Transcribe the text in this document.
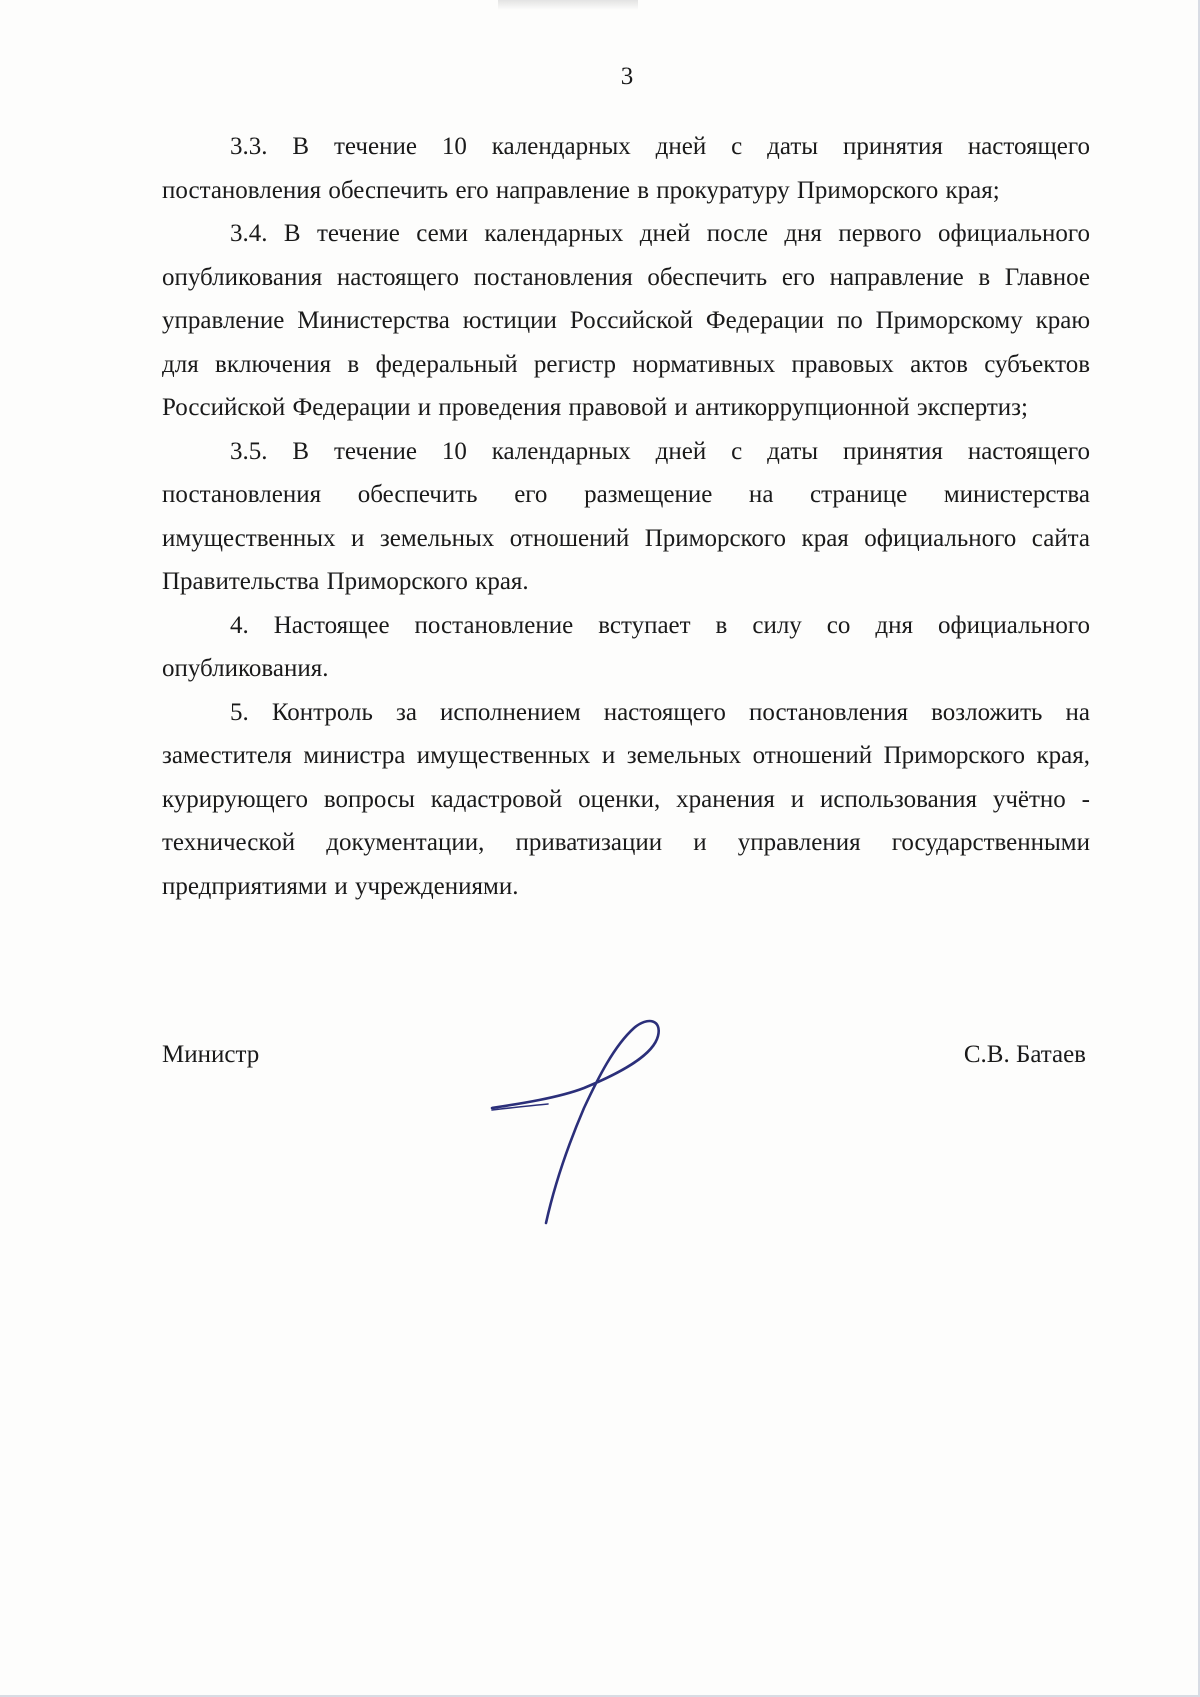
3

3.3. В течение 10 календарных дней с даты принятия настоящего постановления обеспечить его направление в прокуратуру Приморского края;

3.4. В течение семи календарных дней после дня первого официального опубликования настоящего постановления обеспечить его направление в Главное управление Министерства юстиции Российской Федерации по Приморскому краю для включения в федеральный регистр нормативных правовых актов субъектов Российской Федерации и проведения правовой и антикоррупционной экспертиз;

3.5. В течение 10 календарных дней с даты принятия настоящего постановления обеспечить его размещение на странице министерства имущественных и земельных отношений Приморского края официального сайта Правительства Приморского края.

4. Настоящее постановление вступает в силу со дня официального опубликования.

5. Контроль за исполнением настоящего постановления возложить на заместителя министра имущественных и земельных отношений Приморского края, курирующего вопросы кадастровой оценки, хранения и использования учётно - технической документации, приватизации и управления государственными предприятиями и учреждениями.

Министр	С.В. Батаев
